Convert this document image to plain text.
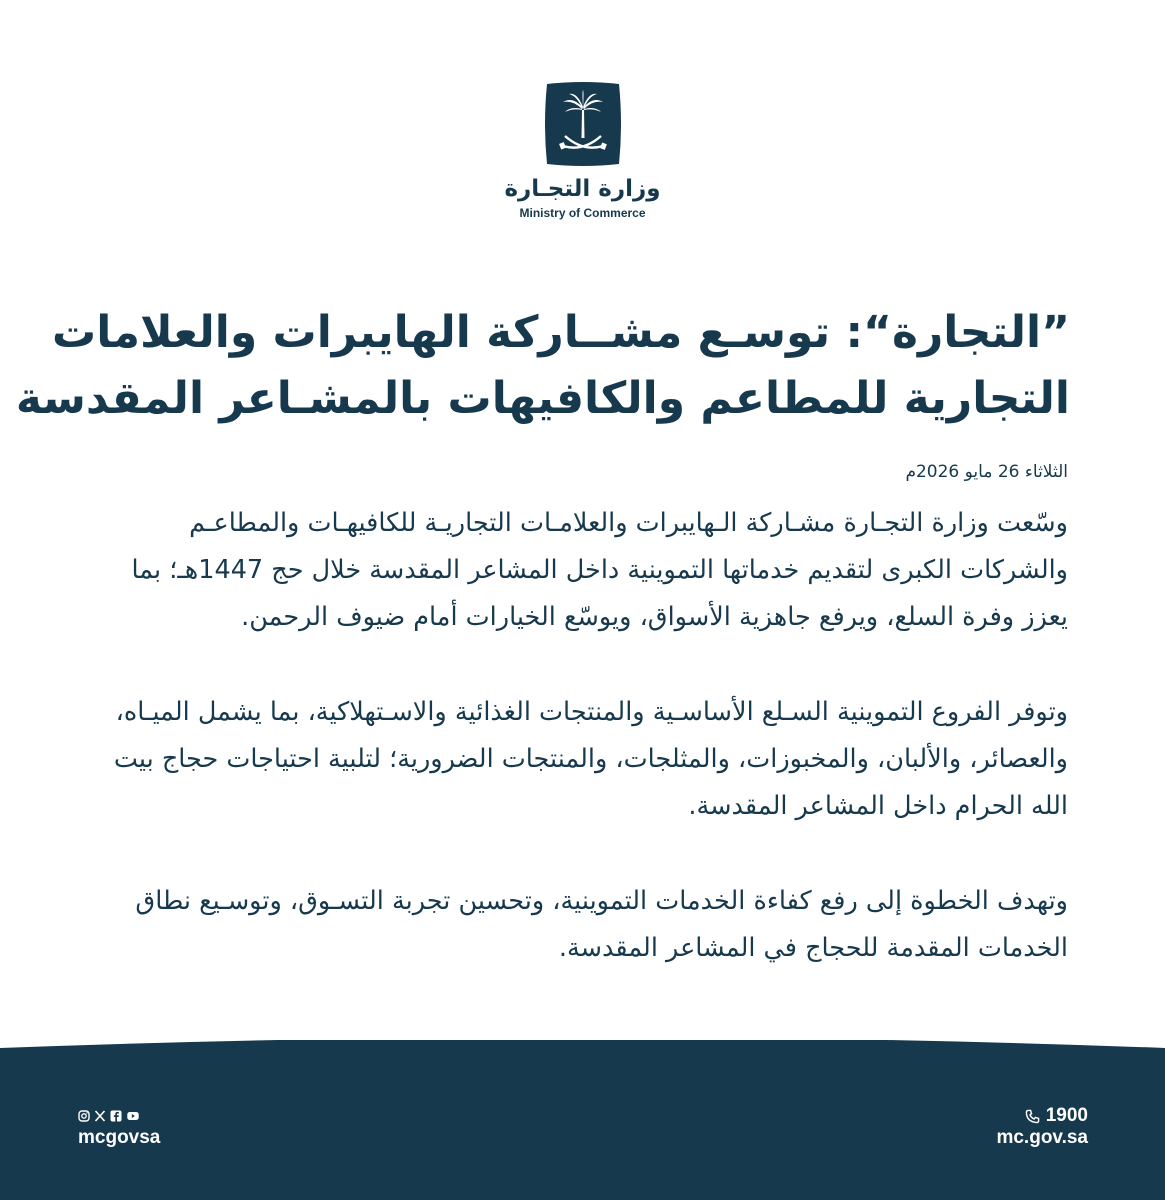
وزارة التجـارة
Ministry of Commerce
”التجارة“: توسـع مشــاركة الهايبرات والعلامات
التجارية للمطاعم والكافيهات بالمشـاعر المقدسة
الثلاثاء 26 مايو 2026م

وسّعت وزارة التجـارة مشـاركة الـهايبرات والعلامـات التجاريـة للكافيهـات والمطاعـم والشركات الكبرى لتقديم خدماتها التموينية داخل المشاعر المقدسة خلال حج 1447هـ؛ بما يعزز وفرة السلع، ويرفع جاهزية الأسواق، ويوسّع الخيارات أمام ضيوف الرحمن.

وتوفر الفروع التموينية السـلع الأساسـية والمنتجات الغذائية والاسـتهلاكية، بما يشمل الميـاه، والعصائر، والألبان، والمخبوزات، والمثلجات، والمنتجات الضرورية؛ لتلبية احتياجات حجاج بيت الله الحرام داخل المشاعر المقدسة.

وتهدف الخطوة إلى رفع كفاءة الخدمات التموينية، وتحسين تجربة التسـوق، وتوسـيع نطاق الخدمات المقدمة للحجاج في المشاعر المقدسة.

mcgovsa
1900
mc.gov.sa
